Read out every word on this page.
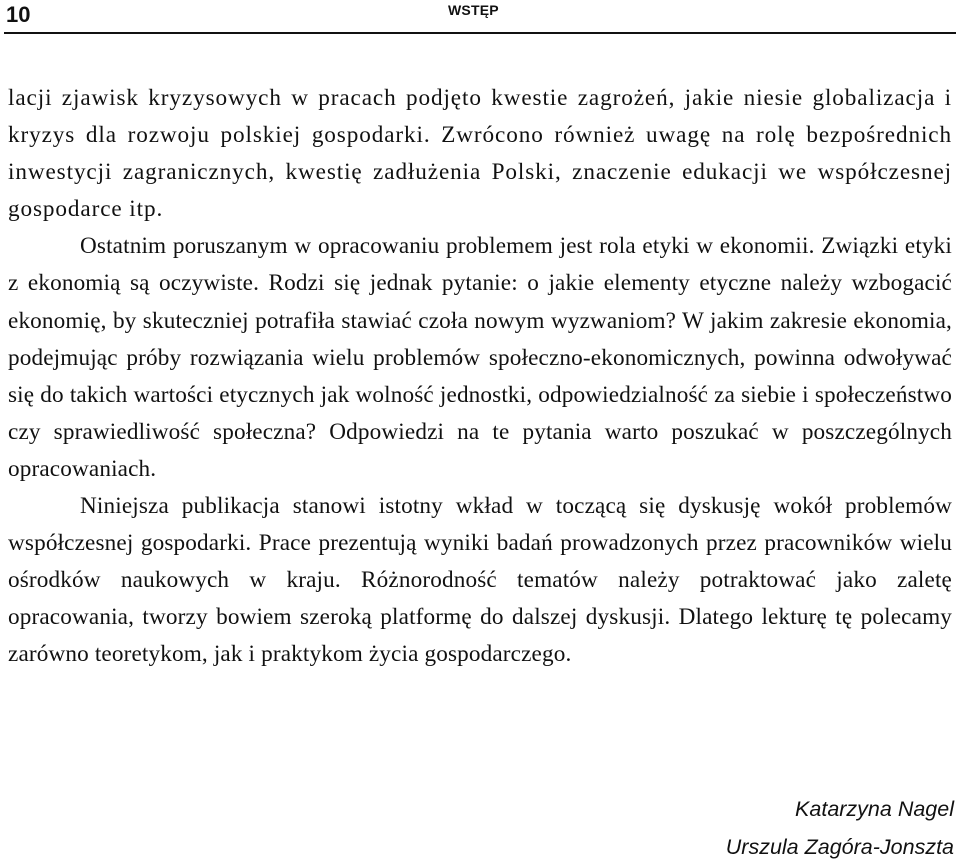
10	WSTĘP

lacji zjawisk kryzysowych w pracach podjęto kwestie zagrożeń, jakie niesie globalizacja i kryzys dla rozwoju polskiej gospodarki. Zwrócono również uwagę na rolę bezpośrednich inwestycji zagranicznych, kwestię zadłużenia Polski, znaczenie edukacji we współczesnej gospodarce itp.

Ostatnim poruszanym w opracowaniu problemem jest rola etyki w ekonomii. Związki etyki z ekonomią są oczywiste. Rodzi się jednak pytanie: o jakie elementy etyczne należy wzbogacić ekonomię, by skuteczniej potrafiła stawiać czoła nowym wyzwaniom? W jakim zakresie ekonomia, podejmując próby rozwiązania wielu problemów społeczno-ekonomicznych, powinna odwoływać się do takich wartości etycznych jak wolność jednostki, odpowiedzialność za siebie i społeczeństwo czy sprawiedliwość społeczna? Odpowiedzi na te pytania warto poszukać w poszczególnych opracowaniach.

Niniejsza publikacja stanowi istotny wkład w toczącą się dyskusję wokół problemów współczesnej gospodarki. Prace prezentują wyniki badań prowadzonych przez pracowników wielu ośrodków naukowych w kraju. Różnorodność tematów należy potraktować jako zaletę opracowania, tworzy bowiem szeroką platformę do dalszej dyskusji. Dlatego lekturę tę polecamy zarówno teoretykom, jak i praktykom życia gospodarczego.

Katarzyna Nagel
Urszula Zagóra-Jonszta
